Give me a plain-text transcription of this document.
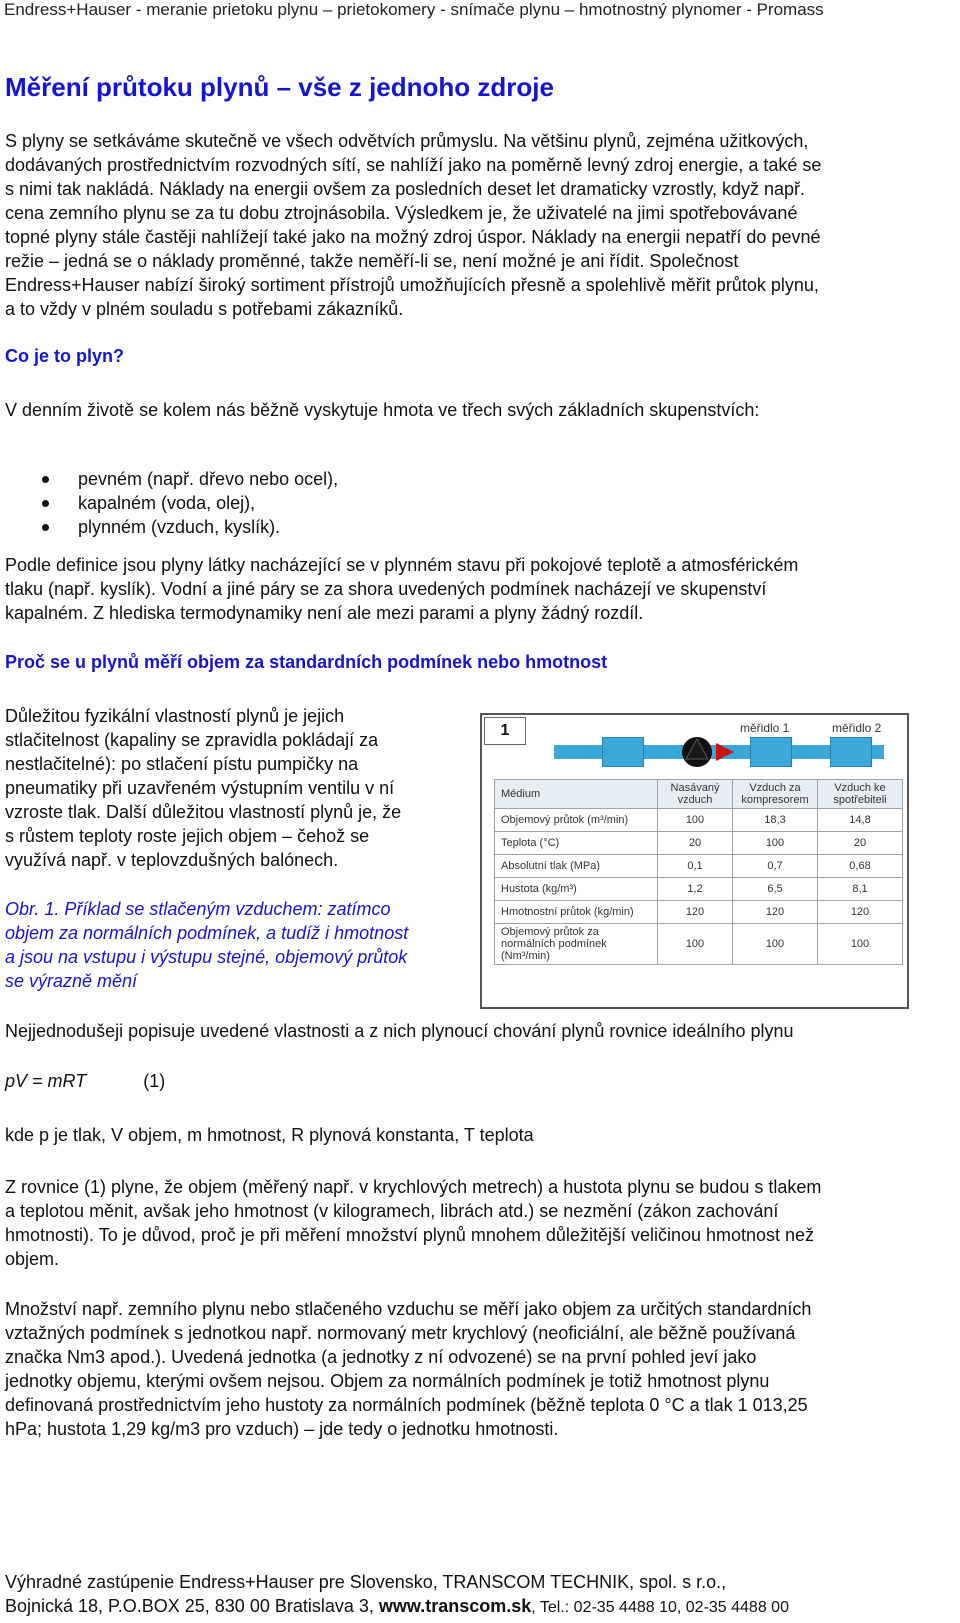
Endress+Hauser - meranie prietoku plynu – prietokomery - snímače plynu – hmotnostný plynomer - Promass
Měření průtoku plynů – vše z jednoho zdroje
S plyny se setkáváme skutečně ve všech odvětvích průmyslu. Na většinu plynů, zejména užitkových,
dodávaných prostřednictvím rozvodných sítí, se nahlíží jako na poměrně levný zdroj energie, a také se
s nimi tak nakládá. Náklady na energii ovšem za posledních deset let dramaticky vzrostly, když např.
cena zemního plynu se za tu dobu ztrojnásobila. Výsledkem je, že uživatelé na jimi spotřebovávané
topné plyny stále častěji nahlížejí také jako na možný zdroj úspor. Náklady na energii nepatří do pevné
režie – jedná se o náklady proměnné, takže neměří-li se, není možné je ani řídit. Společnost
Endress+Hauser nabízí široký sortiment přístrojů umožňujících přesně a spolehlivě měřit průtok plynu,
a to vždy v plném souladu s potřebami zákazníků.
Co je to plyn?
V denním životě se kolem nás běžně vyskytuje hmota ve třech svých základních skupenstvích:
pevném (např. dřevo nebo ocel),
kapalném (voda, olej),
plynném (vzduch, kyslík).
Podle definice jsou plyny látky nacházející se v plynném stavu při pokojové teplotě a atmosférickém
tlaku (např. kyslík). Vodní a jiné páry se za shora uvedených podmínek nacházejí ve skupenství
kapalném. Z hlediska termodynamiky není ale mezi parami a plyny žádný rozdíl.
Proč se u plynů měří objem za standardních podmínek nebo hmotnost
Důležitou fyzikální vlastností plynů je jejich
stlačitelnost (kapaliny se zpravidla pokládají za
nestlačitelné): po stlačení pístu pumpičky na
pneumatiky při uzavřeném výstupním ventilu v ní
vzroste tlak. Další důležitou vlastností plynů je, že
s růstem teploty roste jejich objem – čehož se
využívá např. v teplovzdušných balónech.
Obr. 1. Příklad se stlačeným vzduchem: zatímco
objem za normálních podmínek, a tudíž i hmotnost
a jsou na vstupu i výstupu stejné, objemový průtok
se výrazně mění
1	měřidlo 1	měřidlo 2
Médium	Nasávaný vzduch	Vzduch za kompresorem	Vzduch ke spotřebiteli
Objemový průtok (m³/min)	100	18,3	14,8
Teplota (°C)	20	100	20
Absolutní tlak (MPa)	0,1	0,7	0,68
Hustota (kg/m³)	1,2	6,5	8,1
Hmotnostní průtok (kg/min)	120	120	120
Objemový průtok za normálních podmínek (Nm³/min)	100	100	100
Nejjednodušeji popisuje uvedené vlastnosti a z nich plynoucí chování plynů rovnice ideálního plynu
pV = mRT	(1)
kde p je tlak, V objem, m hmotnost, R plynová konstanta, T teplota
Z rovnice (1) plyne, že objem (měřený např. v krychlových metrech) a hustota plynu se budou s tlakem
a teplotou měnit, avšak jeho hmotnost (v kilogramech, librách atd.) se nezmění (zákon zachování
hmotnosti). To je důvod, proč je při měření množství plynů mnohem důležitější veličinou hmotnost než
objem.
Množství např. zemního plynu nebo stlačeného vzduchu se měří jako objem za určitých standardních
vztažných podmínek s jednotkou např. normovaný metr krychlový (neoficiální, ale běžně používaná
značka Nm3 apod.). Uvedená jednotka (a jednotky z ní odvozené) se na první pohled jeví jako
jednotky objemu, kterými ovšem nejsou. Objem za normálních podmínek je totiž hmotnost plynu
definovaná prostřednictvím jeho hustoty za normálních podmínek (běžně teplota 0 °C a tlak 1 013,25
hPa; hustota 1,29 kg/m3 pro vzduch) – jde tedy o jednotku hmotnosti.
Výhradné zastúpenie Endress+Hauser pre Slovensko, TRANSCOM TECHNIK, spol. s r.o.,
Bojnická 18, P.O.BOX 25, 830 00 Bratislava 3, www.transcom.sk, Tel.: 02-35 4488 10, 02-35 4488 00
